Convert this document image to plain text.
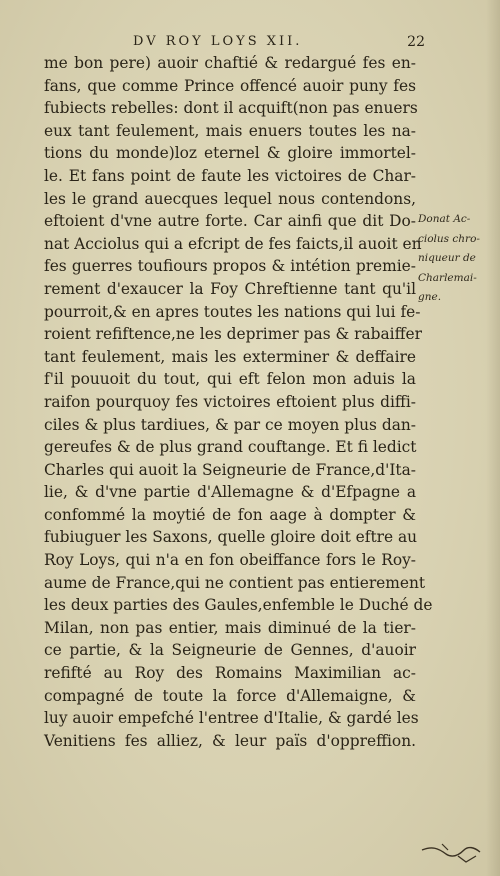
DV ROY LOYS XII.	22
me bon pere) auoir chaftié & redargué fes en-
fans, que comme Prince offencé auoir puny fes
fubiects rebelles: dont il acquift(non pas enuers
eux tant feulement, mais enuers toutes les na-
tions du monde)loz eternel & gloire immortel-
le. Et fans point de faute les victoires de Char-
les le grand auecques lequel nous contendons,
eftoient d'vne autre forte. Car ainfi que dit Do-
nat Acciolus qui a efcript de fes faicts,il auoit en
fes guerres toufiours propos & intétion premie-
rement d'exaucer la Foy Chreftienne tant qu'il
pourroit,& en apres toutes les nations qui lui fe-
roient refiftence,ne les deprimer pas & rabaiffer
tant feulement, mais les exterminer & deffaire
f'il pouuoit du tout, qui eft felon mon aduis la
raifon pourquoy fes victoires eftoient plus diffi-
ciles & plus tardiues, & par ce moyen plus dan-
gereufes & de plus grand couftange. Et fi ledict
Charles qui auoit la Seigneurie de France,d'Ita-
lie, & d'vne partie d'Allemagne & d'Efpagne a
confommé la moytié de fon aage à dompter &
fubiuguer les Saxons, quelle gloire doit eftre au
Roy Loys, qui n'a en fon obeiffance fors le Roy-
aume de France,qui ne contient pas entierement
les deux parties des Gaules,enfemble le Duché de
Milan, non pas entier, mais diminué de la tier-
ce partie, & la Seigneurie de Gennes, d'auoir
refifté au Roy des Romains Maximilian ac-
compagné de toute la force d'Allemaigne, &
luy auoir empefché l'entree d'Italie, & gardé les
Venitiens fes alliez, & leur païs d'oppreffion.
Donat Ac-
ciolus chro-
niqueur de
Charlemai-
gne.
